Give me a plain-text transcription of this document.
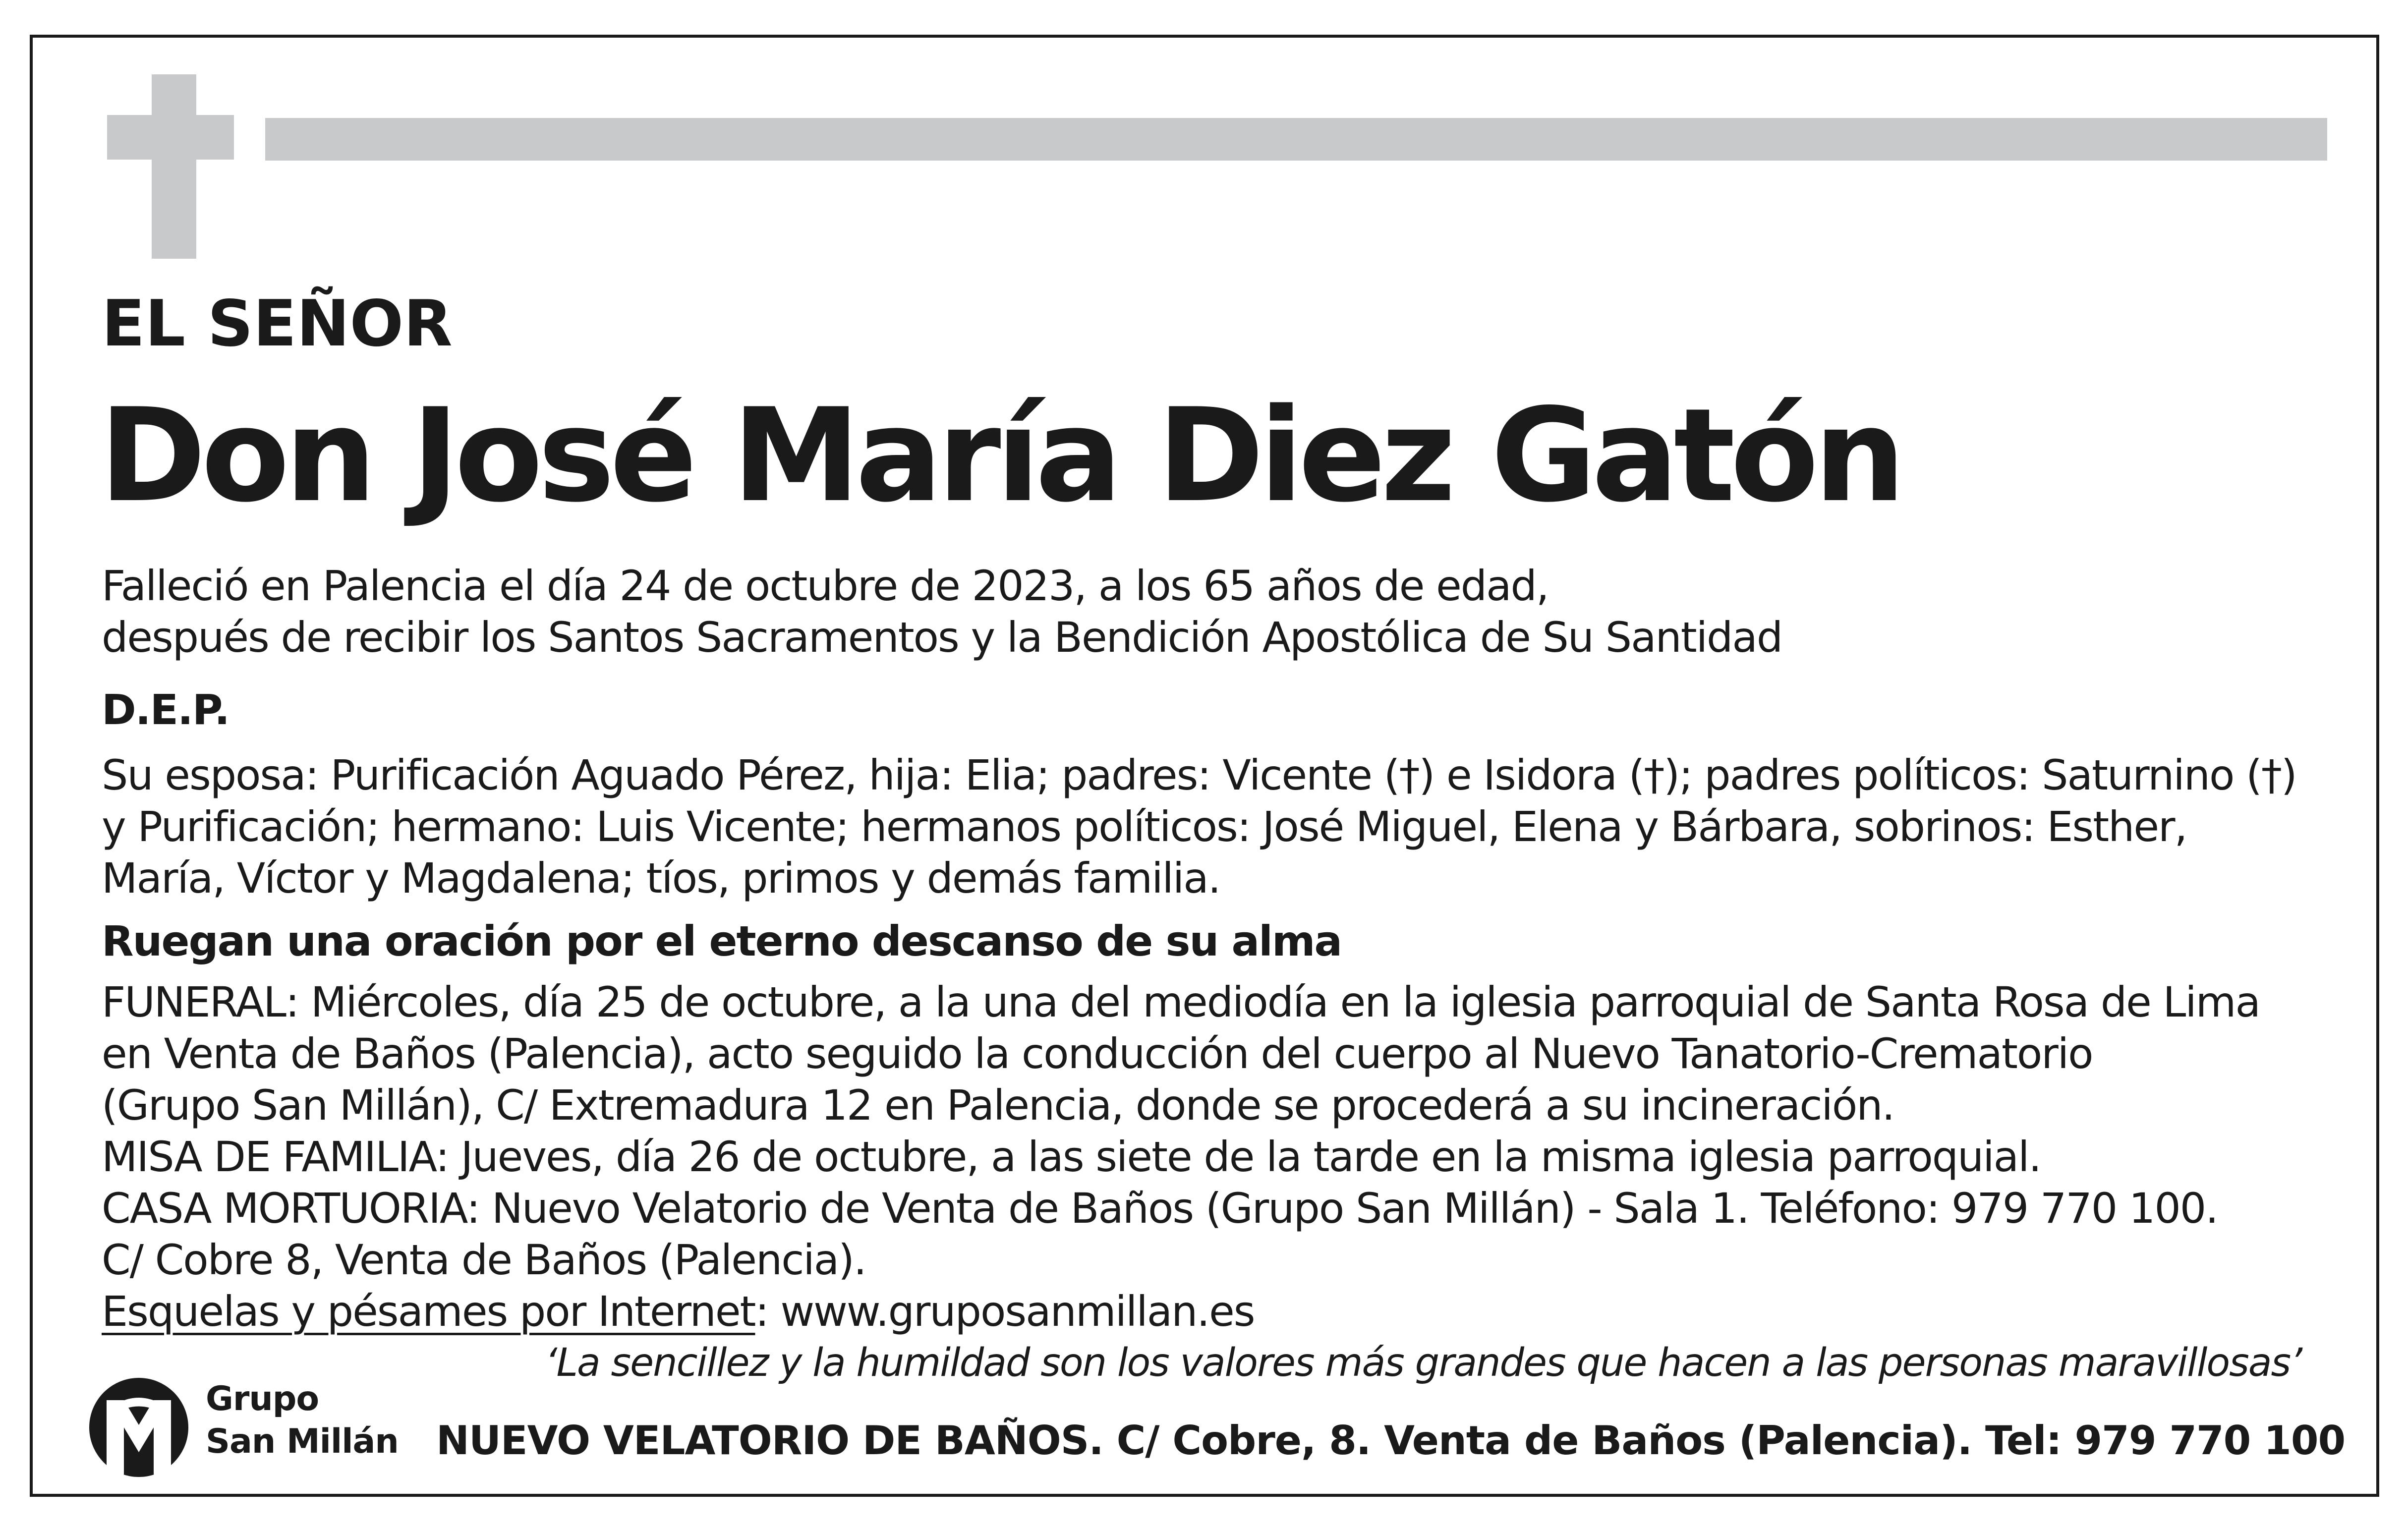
EL SEÑOR
Don José María Diez Gatón
Falleció en Palencia el día 24 de octubre de 2023, a los 65 años de edad,
después de recibir los Santos Sacramentos y la Bendición Apostólica de Su Santidad
D.E.P.
Su esposa: Purificación Aguado Pérez, hija: Elia; padres: Vicente (†) e Isidora (†); padres políticos: Saturnino (†)
y Purificación; hermano: Luis Vicente; hermanos políticos: José Miguel, Elena y Bárbara, sobrinos: Esther,
María, Víctor y Magdalena; tíos, primos y demás familia.
Ruegan una oración por el eterno descanso de su alma
FUNERAL: Miércoles, día 25 de octubre, a la una del mediodía en la iglesia parroquial de Santa Rosa de Lima
en Venta de Baños (Palencia), acto seguido la conducción del cuerpo al Nuevo Tanatorio-Crematorio
(Grupo San Millán), C/ Extremadura 12 en Palencia, donde se procederá a su incineración.
MISA DE FAMILIA: Jueves, día 26 de octubre, a las siete de la tarde en la misma iglesia parroquial.
CASA MORTUORIA: Nuevo Velatorio de Venta de Baños (Grupo San Millán) - Sala 1. Teléfono: 979 770 100.
C/ Cobre 8, Venta de Baños (Palencia).
Esquelas y pésames por Internet: www.gruposanmillan.es
‘La sencillez y la humildad son los valores más grandes que hacen a las personas maravillosas’
Grupo
San Millán NUEVO VELATORIO DE BAÑOS. C/ Cobre, 8. Venta de Baños (Palencia). Tel: 979 770 100
